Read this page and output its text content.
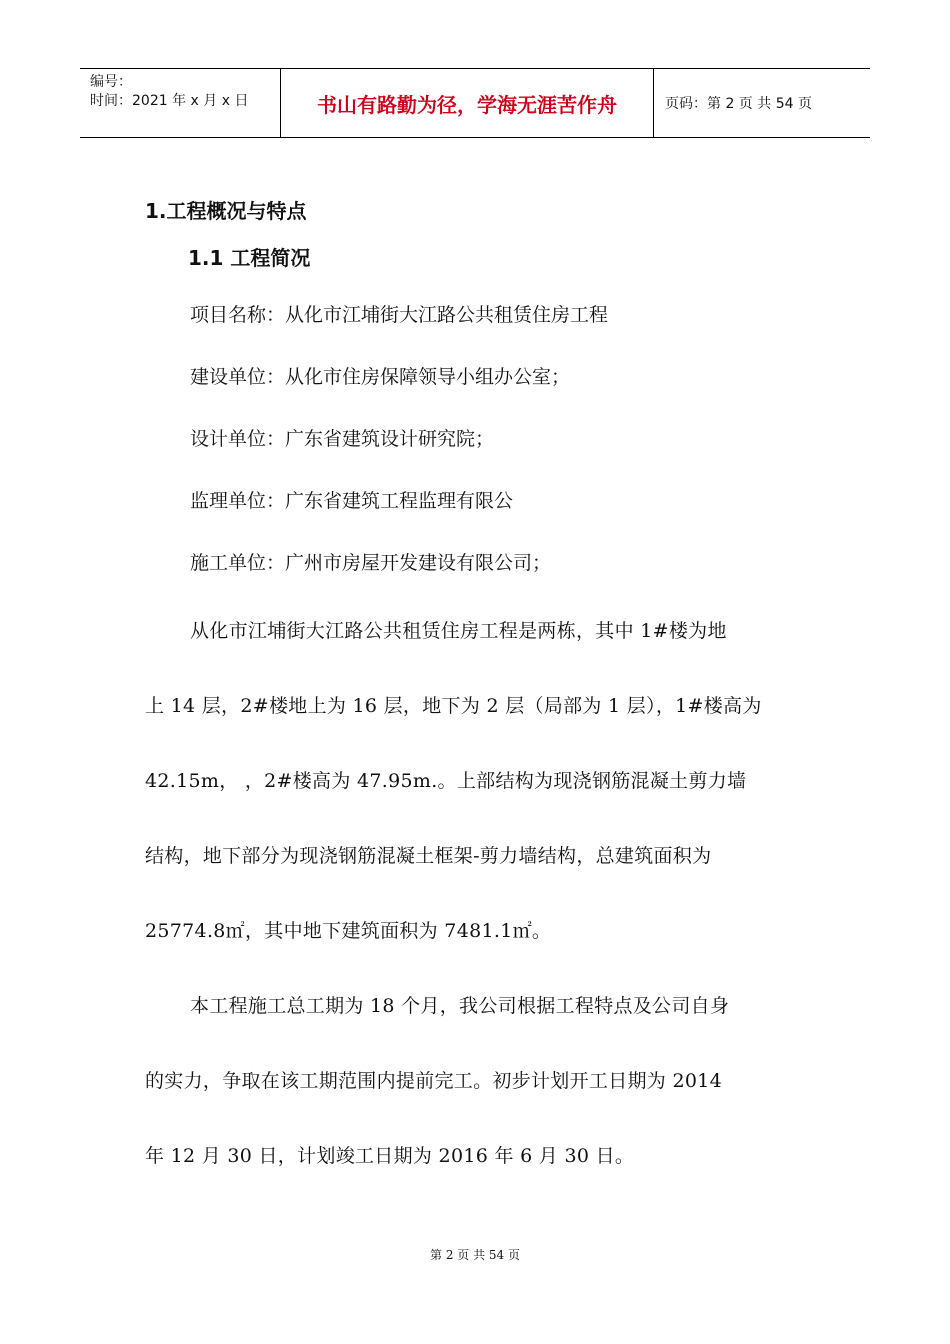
编号：
时间：2021 年 x 月 x 日	书山有路勤为径，学海无涯苦作舟	页码：第 2 页 共 54 页
1.工程概况与特点
1.1 工程简况

项目名称：从化市江埔街大江路公共租赁住房工程

建设单位：从化市住房保障领导小组办公室；

设计单位：广东省建筑设计研究院；

监理单位：广东省建筑工程监理有限公

施工单位：广州市房屋开发建设有限公司；

从化市江埔街大江路公共租赁住房工程是两栋，其中 1#楼为地
上 14 层，2#楼地上为 16 层，地下为 2 层（局部为 1 层），1#楼高为
42.15m， ，2#楼高为 47.95m.。上部结构为现浇钢筋混凝土剪力墙
结构，地下部分为现浇钢筋混凝土框架-剪力墙结构，总建筑面积为
25774.8㎡，其中地下建筑面积为 7481.1㎡。
本工程施工总工期为 18 个月，我公司根据工程特点及公司自身
的实力，争取在该工期范围内提前完工。初步计划开工日期为 2014
年 12 月 30 日，计划竣工日期为 2016 年 6 月 30 日。
第 2 页 共 54 页
